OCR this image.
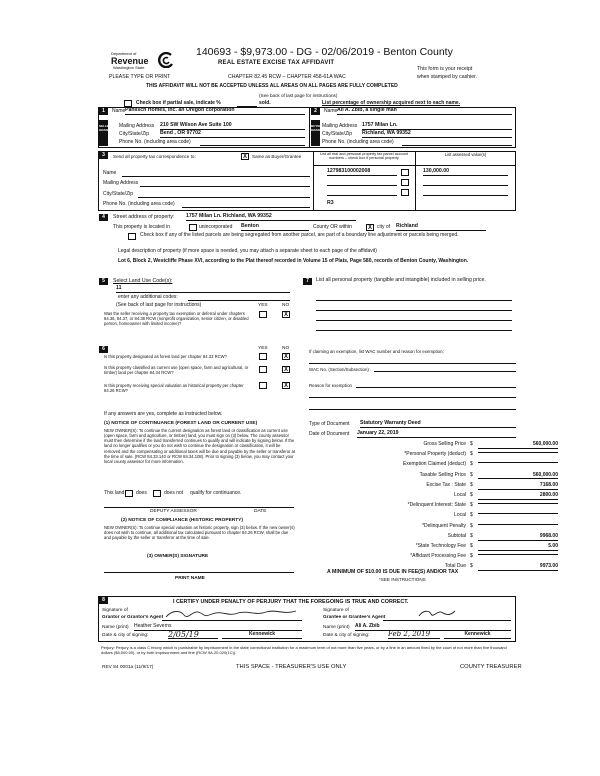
140693 - $9,973.00 - DG - 02/06/2019 - Benton County
Department of
Revenue
Washington State
REAL ESTATE EXCISE TAX AFFIDAVIT
PLEASE TYPE OR PRINT	CHAPTER 82.45 RCW – CHAPTER 458-61A WAC
This form is your receipt
when stamped by cashier.
THIS AFFIDAVIT WILL NOT BE ACCEPTED UNLESS ALL AREAS ON ALL PAGES ARE FULLY COMPLETED
(See back of last page for instructions)
Check box if partial sale, indicate %	sold.	List percentage of ownership acquired next to each name.
1
SELLER GRANTOR
Name Pahlisch Homes, Inc. an Oregon corporation
Mailing Address 210 SW Wilson Ave Suite 100
City/State/Zip Bend , OR 97702
Phone No. (including area code)
2
BUYER GRANTEE
Name Ali A. Zbib, a single man
Mailing Address 1757 Milan Ln.
City/State/Zip Richland, WA 99352
Phone No. (including area code)
3	Send all property tax correspondence to:	X	Same as Buyer/Grantee	List all real and personal property tax parcel account numbers – check box if personal property
List assessed value(s)
Name
Mailing Address
City/State/Zip
Phone No. (including area code)
127983100002008	130,000.00
R3
4	Street address of property: 1757 Milan Ln. Richland, WA 99352
This property is located in	unincorporated Benton	County OR within	X	city of Richland
Check box if any of the listed parcels are being segregated from another parcel, are part of a boundary line adjustment or parcels being merged.
Legal description of property (if more space is needed, you may attach a separate sheet to each page of the affidavit)
Lot 6, Block 2, Westcliffe Phase XVI, according to the Plat thereof recorded in Volume 15 of Plats, Page 580, records of Benton County, Washington.
5	Select Land Use Code(s):
11
enter any additional codes:
(See back of last page for instructions)	YES	NO
Was the seller receiving a property tax exemption or deferral under chapters 84.36, 84.37, or 84.38 RCW (nonprofit organization, senior citizen, or disabled person, homeowner with limited income)?
X
7	List all personal property (tangible and intangible) included in selling price.
If claiming an exemption, list WAC number and reason for exemption:
WAC No. (Section/Subsection)
Reason for exemption
Type of Document Statutory Warranty Deed
Date of Document January 22, 2019
Gross Selling Price $	560,000.00
*Personal Property (deduct) $
Exemption Claimed (deduct) $
Taxable Selling Price $	560,000.00
Excise Tax : State $	7168.00
Local $	2800.00
*Delinquent Interest: State $
Local $
*Delinquent Penalty $
Subtotal $	9968.00
*State Technology Fee $	5.00
*Affidavit Processing Fee $
Total Due $	9973.00
A MINIMUM OF $10.00 IS DUE IN FEE(S) AND/OR TAX
*SEE INSTRUCTIONS
6	YES	NO
Is this property designated as forest land per chapter 84.33 RCW?	X
Is this property classified as current use (open space, farm and agricultural, or timber) land per chapter 84.34 RCW?	X
Is this property receiving special valuation as historical property per chapter 84.26 RCW?
X
If any answers are yes, complete as instructed below.
(1) NOTICE OF CONTINUANCE (FOREST LAND OR CURRENT USE)
NEW OWNER(S): To continue the current designation as forest land or classification as current use (open space, farm and agriculture, or timber) land, you must sign on (3) below. The county assessor must then determine if the land transferred continues to qualify and will indicate by signing below. If the land no longer qualifies or you do not wish to continue the designation or classification, it will be removed and the compensating or additional taxes will be due and payable by the seller or transferor at the time of sale. (RCW 84.33.140 or RCW 84.34.108). Prior to signing (3) below, you may contact your local county assessor for more information.
This land does	does not qualify for continuance.
DEPUTY ASSESSOR	DATE
(2) NOTICE OF COMPLIANCE (HISTORIC PROPERTY)
NEW OWNER(S): To continue special valuation as historic property, sign (3) below. If the new owner(s) does not wish to continue, all additional tax calculated pursuant to chapter 84.26 RCW, shall be due and payable by the seller or transferor at the time of sale.
(3) OWNER(S) SIGNATURE
PRINT NAME
8	I CERTIFY UNDER PENALTY OF PERJURY THAT THE FOREGOING IS TRUE AND CORRECT.
Signature of
Grantor or Grantor's Agent
Signature of
Grantee or Grantee's Agent
Name (print) Heather Severns	Name (print) Ali A. Zbib
Date & city of signing: 2/05/19	Kennewick	Date & city of signing:	Feb 2, 2019	Kennewick
Perjury: Perjury is a class C felony which is punishable by imprisonment in the state correctional institution for a maximum term of not more than five years, or by a fine in an amount fixed by the court of not more than five thousand dollars ($5,000.00), or by both imprisonment and fine (RCW 9A.20.020(1C)).
REV 84 0001a (11/9/17)	THIS SPACE - TREASURER'S USE ONLY	COUNTY TREASURER
